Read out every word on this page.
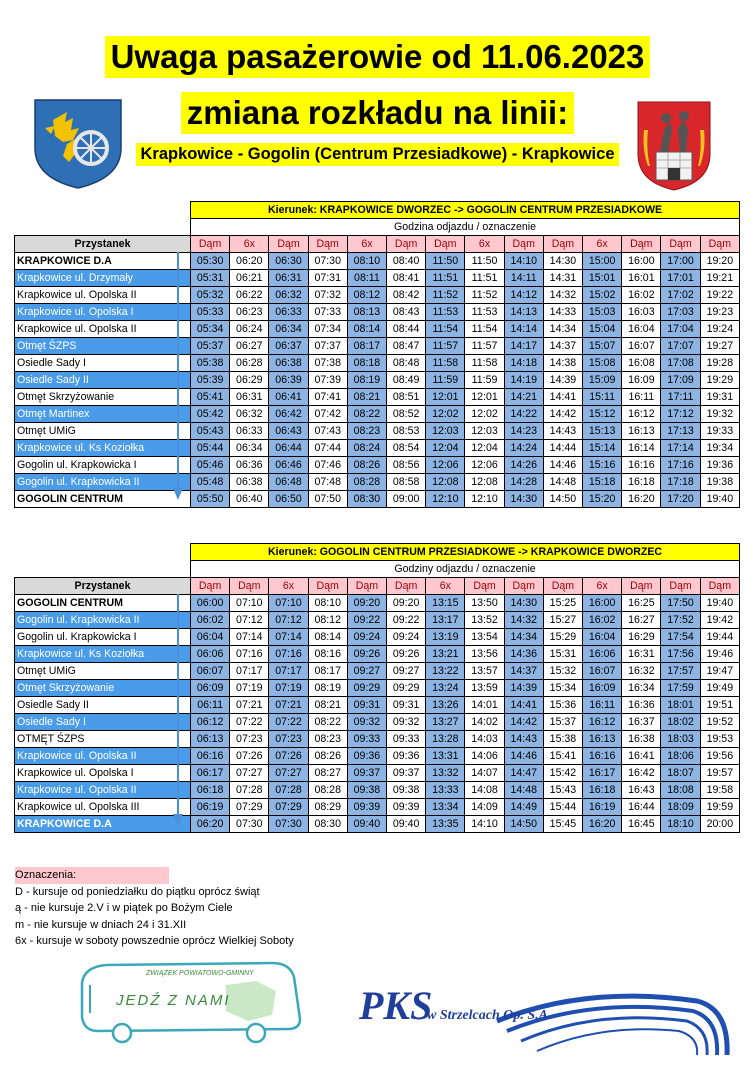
Uwaga pasażerowie od 11.06.2023
zmiana rozkładu na linii:
Krapkowice - Gogolin (Centrum Przesiadkowe) - Krapkowice
	Kierunek: KRAPKOWICE DWORZEC -> GOGOLIN CENTRUM PRZESIADKOWE													
	Godzina odjazdu / oznaczenie													
Przystanek	Dąm	6x	Dąm	Dąm	6x	Dąm	Dąm	6x	Dąm	Dąm	6x	Dąm	Dąm	Dąm
KRAPKOWICE D.A	05:30	06:20	06:30	07:30	08:10	08:40	11:50	11:50	14:10	14:30	15:00	16:00	17:00	19:20
Krapkowice ul. Drzymały	05:31	06:21	06:31	07:31	08:11	08:41	11:51	11:51	14:11	14:31	15:01	16:01	17:01	19:21
Krapkowice ul. Opolska II	05:32	06:22	06:32	07:32	08:12	08:42	11:52	11:52	14:12	14:32	15:02	16:02	17:02	19:22
Krapkowice ul. Opolska I	05:33	06:23	06:33	07:33	08:13	08:43	11:53	11:53	14:13	14:33	15:03	16:03	17:03	19:23
Krapkowice ul. Opolska II	05:34	06:24	06:34	07:34	08:14	08:44	11:54	11:54	14:14	14:34	15:04	16:04	17:04	19:24
Otmęt ŚZPS	05:37	06:27	06:37	07:37	08:17	08:47	11:57	11:57	14:17	14:37	15:07	16:07	17:07	19:27
Osiedle Sady I	05:38	06:28	06:38	07:38	08:18	08:48	11:58	11:58	14:18	14:38	15:08	16:08	17:08	19:28
Osiedle Sady II	05:39	06:29	06:39	07:39	08:19	08:49	11:59	11:59	14:19	14:39	15:09	16:09	17:09	19:29
Otmęt Skrzyżowanie	05:41	06:31	06:41	07:41	08:21	08:51	12:01	12:01	14:21	14:41	15:11	16:11	17:11	19:31
Otmęt Martinex	05:42	06:32	06:42	07:42	08:22	08:52	12:02	12:02	14:22	14:42	15:12	16:12	17:12	19:32
Otmęt UMiG	05:43	06:33	06:43	07:43	08:23	08:53	12:03	12:03	14:23	14:43	15:13	16:13	17:13	19:33
Krapkowice ul. Ks Koziołka	05:44	06:34	06:44	07:44	08:24	08:54	12:04	12:04	14:24	14:44	15:14	16:14	17:14	19:34
Gogolin ul. Krapkowicka I	05:46	06:36	06:46	07:46	08:26	08:56	12:06	12:06	14:26	14:46	15:16	16:16	17:16	19:36
Gogolin ul. Krapkowicka II	05:48	06:38	06:48	07:48	08:28	08:58	12:08	12:08	14:28	14:48	15:18	16:18	17:18	19:38
GOGOLIN CENTRUM	05:50	06:40	06:50	07:50	08:30	09:00	12:10	12:10	14:30	14:50	15:20	16:20	17:20	19:40
	Kierunek: GOGOLIN CENTRUM PRZESIADKOWE -> KRAPKOWICE DWORZEC													
	Godziny odjazdu / oznaczenie													
Przystanek	Dąm	Dąm	6x	Dąm	Dąm	Dąm	6x	Dąm	Dąm	Dąm	6x	Dąm	Dąm	Dąm
GOGOLIN CENTRUM	06:00	07:10	07:10	08:10	09:20	09:20	13:15	13:50	14:30	15:25	16:00	16:25	17:50	19:40
Gogolin ul. Krapkowicka II	06:02	07:12	07:12	08:12	09:22	09:22	13:17	13:52	14:32	15:27	16:02	16:27	17:52	19:42
Gogolin ul. Krapkowicka I	06:04	07:14	07:14	08:14	09:24	09:24	13:19	13:54	14:34	15:29	16:04	16:29	17:54	19:44
Krapkowice ul. Ks Koziołka	06:06	07:16	07:16	08:16	09:26	09:26	13:21	13:56	14:36	15:31	16:06	16:31	17:56	19:46
Otmęt UMiG	06:07	07:17	07:17	08:17	09:27	09:27	13:22	13:57	14:37	15:32	16:07	16:32	17:57	19:47
Otmęt Skrzyżowanie	06:09	07:19	07:19	08:19	09:29	09:29	13:24	13:59	14:39	15:34	16:09	16:34	17:59	19:49
Osiedle Sady II	06:11	07:21	07:21	08:21	09:31	09:31	13:26	14:01	14:41	15:36	16:11	16:36	18:01	19:51
Osiedle Sady I	06:12	07:22	07:22	08:22	09:32	09:32	13:27	14:02	14:42	15:37	16:12	16:37	18:02	19:52
OTMĘT ŚZPS	06:13	07:23	07:23	08:23	09:33	09:33	13:28	14:03	14:43	15:38	16:13	16:38	18:03	19:53
Krapkowice ul. Opolska II	06:16	07:26	07:26	08:26	09:36	09:36	13:31	14:06	14:46	15:41	16:16	16:41	18:06	19:56
Krapkowice ul. Opolska I	06:17	07:27	07:27	08:27	09:37	09:37	13:32	14:07	14:47	15:42	16:17	16:42	18:07	19:57
Krapkowice ul. Opolska II	06:18	07:28	07:28	08:28	09:38	09:38	13:33	14:08	14:48	15:43	16:18	16:43	18:08	19:58
Krapkowice ul. Opolska III	06:19	07:29	07:29	08:29	09:39	09:39	13:34	14:09	14:49	15:44	16:19	16:44	18:09	19:59
KRAPKOWICE D.A	06:20	07:30	07:30	08:30	09:40	09:40	13:35	14:10	14:50	15:45	16:20	16:45	18:10	20:00
Oznaczenia:
D - kursuje od poniedziałku do piątku oprócz świąt
ą - nie kursuje 2.V i w piątek po Bożym Ciele
m - nie kursuje w dniach 24 i 31.XII
6x - kursuje w soboty powszednie oprócz Wielkiej Soboty
ZWIĄZEK POWIATOWO-GMINNY
JEDŹ Z NAMI	PKS
w Strzelcach Op. S.A.
